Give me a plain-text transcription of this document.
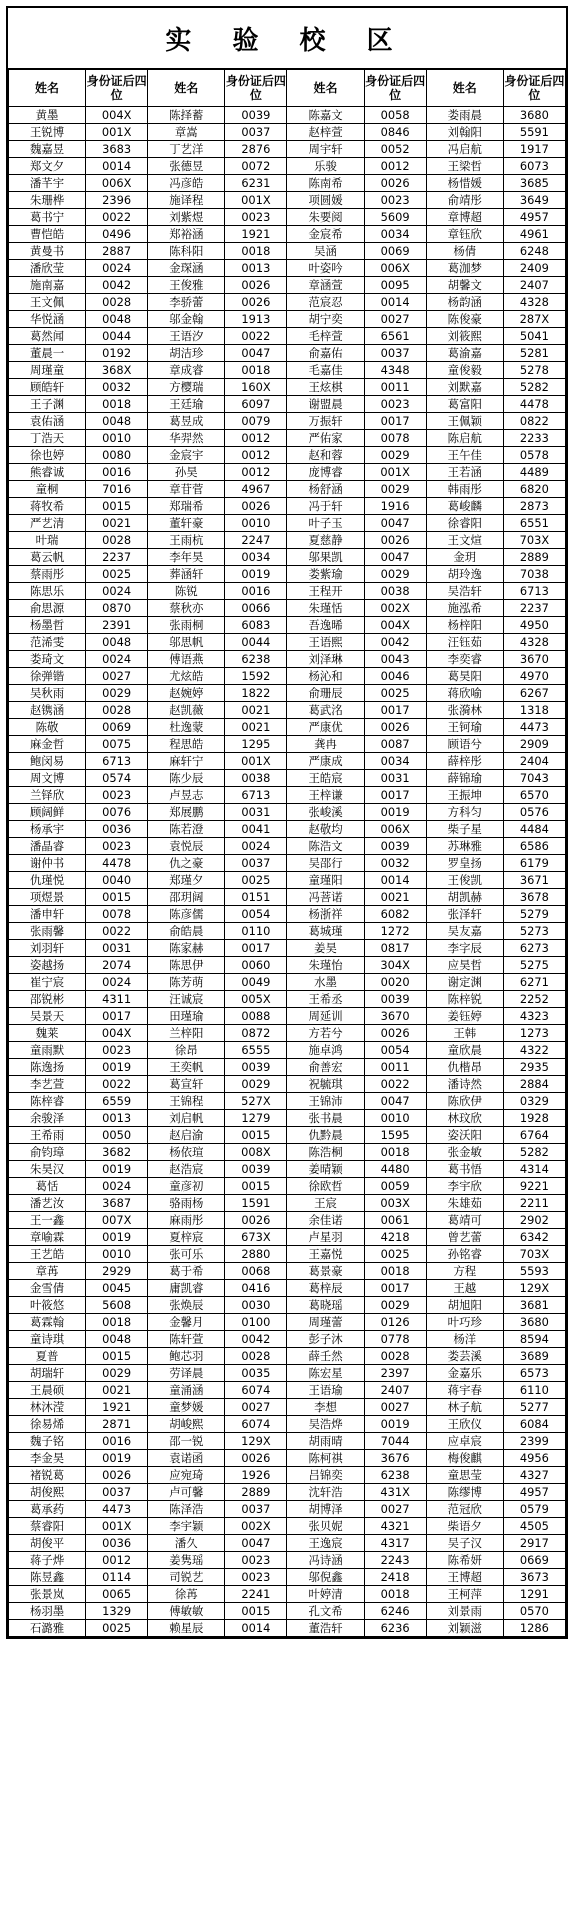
实 验 校 区
姓名	身份证后四位	姓名	身份证后四位	姓名	身份证后四位	姓名	身份证后四位
黄墨	004X	陈择蓄	0039	陈嘉文	0058	娄雨晨	3680
王锐博	001X	章嵩	0037	赵梓萱	0846	刘翰阳	5591
魏嘉昱	3683	丁艺洋	2876	周宇轩	0052	冯启航	1917
郑文夕	0014	张德昱	0072	乐骏	0012	王梁哲	6073
潘芊宇	006X	冯彦皓	6231	陈南希	0026	杨惜媛	3685
朱珊桦	2396	施译程	001X	项圆媛	0023	俞靖彤	3649
葛书宁	0022	刘紫煜	0023	朱要阅	5609	章博超	4957
曹恺皓	0496	郑裕涵	1921	金宸希	0034	章钰欣	4961
黄曼书	2887	陈科阳	0018	吴涵	0069	杨倩	6248
潘欣莹	0024	金琛涵	0013	叶姿吟	006X	葛泇梦	2409
施南嘉	0042	王俊雅	0026	章涵萱	0095	胡馨文	2407
王文佩	0028	李骄蕾	0026	范宸忍	0014	杨韵涵	4328
华悦涵	0048	邬金翰	1913	胡宁奕	0027	陈俊豪	287X
葛然闻	0044	王语汐	0022	毛梓萱	6561	刘筱熙	5041
董晨一	0192	胡洁珍	0047	俞嘉佑	0037	葛渝嘉	5281
周瑾童	368X	章成睿	0018	毛嘉佳	4348	童俊毅	5278
顾皓轩	0032	方樱瑞	160X	王炫棋	0011	刘默嘉	5282
王子渊	0018	王廷瑜	6097	谢盟晨	0023	葛富阳	4478
袁佑涵	0048	葛昱成	0079	万振轩	0017	王佩颖	0822
丁浩天	0010	华羿然	0012	严佑家	0078	陈启航	2233
徐也婷	0080	金宸宇	0012	赵和蓉	0029	王午佳	0578
熊睿诚	0016	孙昊	0012	庞博睿	001X	王若涵	4489
童桐	7016	章苷菅	4967	杨舒涵	0029	韩雨彤	6820
蒋牧希	0015	郑瑞希	0026	冯于轩	1916	葛峻麟	2873
严艺清	0021	董轩豪	0010	叶子玉	0047	徐睿阳	6551
叶瑞	0028	王雨杭	2247	夏慈静	0026	王文煊	703X
葛云帆	2237	李年昊	0034	邬果凯	0047	金玥	2889
蔡雨彤	0025	葬涵轩	0019	娄紫瑜	0029	胡玲逸	7038
陈思乐	0024	陈锐	0016	王程开	0038	吴浩轩	6713
俞思源	0870	蔡秋亦	0066	朱瑾恬	002X	施泓希	2237
杨墨哲	2391	张雨桐	6083	吾逸晞	004X	杨梓阳	4950
范浠雯	0048	邬思帆	0044	王语熙	0042	汪钰茹	4328
娄琦文	0024	傅语燕	6238	刘泽琳	0043	李奕睿	3670
徐弹锴	0027	尤炫皓	1592	杨沁和	0046	葛昊阳	4970
吴秋雨	0029	赵婉婷	1822	俞珊辰	0025	蒋欣喻	6267
赵镌涵	0028	赵凯薇	0021	葛武洺	0017	张漪林	1318
陈敬	0069	杜逸蒙	0021	严康优	0026	王钶瑜	4473
麻金哲	0075	程思皓	1295	龚冉	0087	顾语兮	2909
鲍闵易	6713	麻轩宁	001X	严康成	0034	薛梓彤	2404
周文博	0574	陈少辰	0038	王皓宸	0031	薛锦瑜	7043
兰铎欣	0023	卢昱志	6713	王梓谦	0017	王振坤	6570
顾阔鲜	0076	郑展鹏	0031	张峻溪	0019	方科匀	0576
杨承宇	0036	陈若澄	0041	赵敬均	006X	柴子星	4484
潘晶睿	0023	袁悦辰	0024	陈浩文	0039	苏琳雅	6586
谢仲书	4478	仇之豪	0037	吴邵行	0032	罗皇扬	6179
仇瑾悦	0040	郑瑾夕	0025	童瑾阳	0014	王俊凯	3671
项煜景	0015	邵玥阔	0151	冯菩诺	0021	胡凯赫	3678
潘申轩	0078	陈彦儒	0054	杨浙祥	6082	张泽轩	5279
张雨馨	0022	俞皓晨	0110	葛城瑾	1272	吴友嘉	5273
刘羽轩	0031	陈家赫	0017	姜昊	0817	李字辰	6273
姿越扬	2074	陈思伊	0060	朱瑾怡	304X	应昊哲	5275
崔宁宸	0024	陈芳萌	0049	水墨	0020	谢定渊	6271
邵锐彬	4311	汪诚宸	005X	王希丞	0039	陈梓锐	2252
吴景天	0017	田瑾瑜	0088	周延训	3670	姜钰婷	4323
魏莱	004X	兰梓阳	0872	方若兮	0026	王韩	1273
童雨默	0023	徐昂	6555	施卓鸿	0054	童欣晨	4322
陈逸扬	0019	王奕帆	0039	俞善宏	0011	仇楷昂	2935
李艺萱	0022	葛宣轩	0029	祝毓琪	0022	潘诗然	2884
陈梓睿	6559	王锦程	527X	王锦沛	0047	陈欣伊	0329
余骏泽	0013	刘启帆	1279	张书晨	0010	林玟欣	1928
王希雨	0050	赵启渝	0015	仇黔晨	1595	姿沃阳	6764
俞钧璋	3682	杨依瑄	008X	陈浩桐	0018	张金敏	5282
朱昊汉	0019	赵浩宸	0039	姜晴颖	4480	葛书悟	4314
葛恬	0024	童彦初	0015	徐欧哲	0059	李宇欣	9221
潘艺汝	3687	骆雨杨	1591	王宸	003X	朱雄茹	2211
王一鑫	007X	麻雨彤	0026	余佳诺	0061	葛靖可	2902
章喻霖	0019	夏梓宸	673X	卢星羽	4218	曾艺蕾	6342
王艺皓	0010	张可乐	2880	王嘉悦	0025	孙铭睿	703X
章苒	2929	葛于希	0068	葛景豪	0018	方程	5593
金雪倩	0045	庸凯睿	0416	葛梓辰	0017	王越	129X
叶筱悠	5608	张焕辰	0030	葛晓瑶	0029	胡旭阳	3681
葛霖翰	0018	金馨月	0100	周瑾蕾	0126	叶巧珍	3680
童诗琪	0048	陈轩萱	0042	彭子沐	0778	杨洋	8594
夏普	0015	鲍芯羽	0028	薛壬然	0028	娄芸溪	3689
胡瑞轩	0029	劳译晨	0035	陈宏星	2397	金嘉乐	6573
王晨硕	0021	童涌涵	6074	王语瑜	2407	蒋宇春	6110
林沐滢	1921	童梦媛	0027	李想	0027	林子航	5277
徐易烯	2871	胡峻熙	6074	吴浩烨	0019	王欣仪	6084
魏子铭	0016	邵一锐	129X	胡雨晴	7044	应卓宸	2399
李金昊	0019	袁诺函	0026	陈柯祺	3676	梅俊麒	4956
褚锐葛	0026	应宛琦	1926	吕锦奕	6238	童思莹	4327
胡俊熙	0037	卢可馨	2889	沈轩浩	431X	陈缪博	4957
葛承药	4473	陈泽浩	0037	胡博泽	0027	范冠欣	0579
蔡睿阳	001X	李宇颖	002X	张贝妮	4321	柴语夕	4505
胡俊平	0036	潘久	0047	王逸宸	4317	吴子汉	2917
蒋子烨	0012	姜隽瑶	0023	冯诗涵	2243	陈希妍	0669
陈昱鑫	0114	司锐艺	0023	邬倪鑫	2418	王博超	3673
张景岚	0065	徐苒	2241	叶婷清	0018	王柯萍	1291
杨羽墨	1329	傅敏敏	0015	孔文希	6246	刘景雨	0570
石潞雅	0025	赖星辰	0014	董浩轩	6236	刘颖滋	1286
